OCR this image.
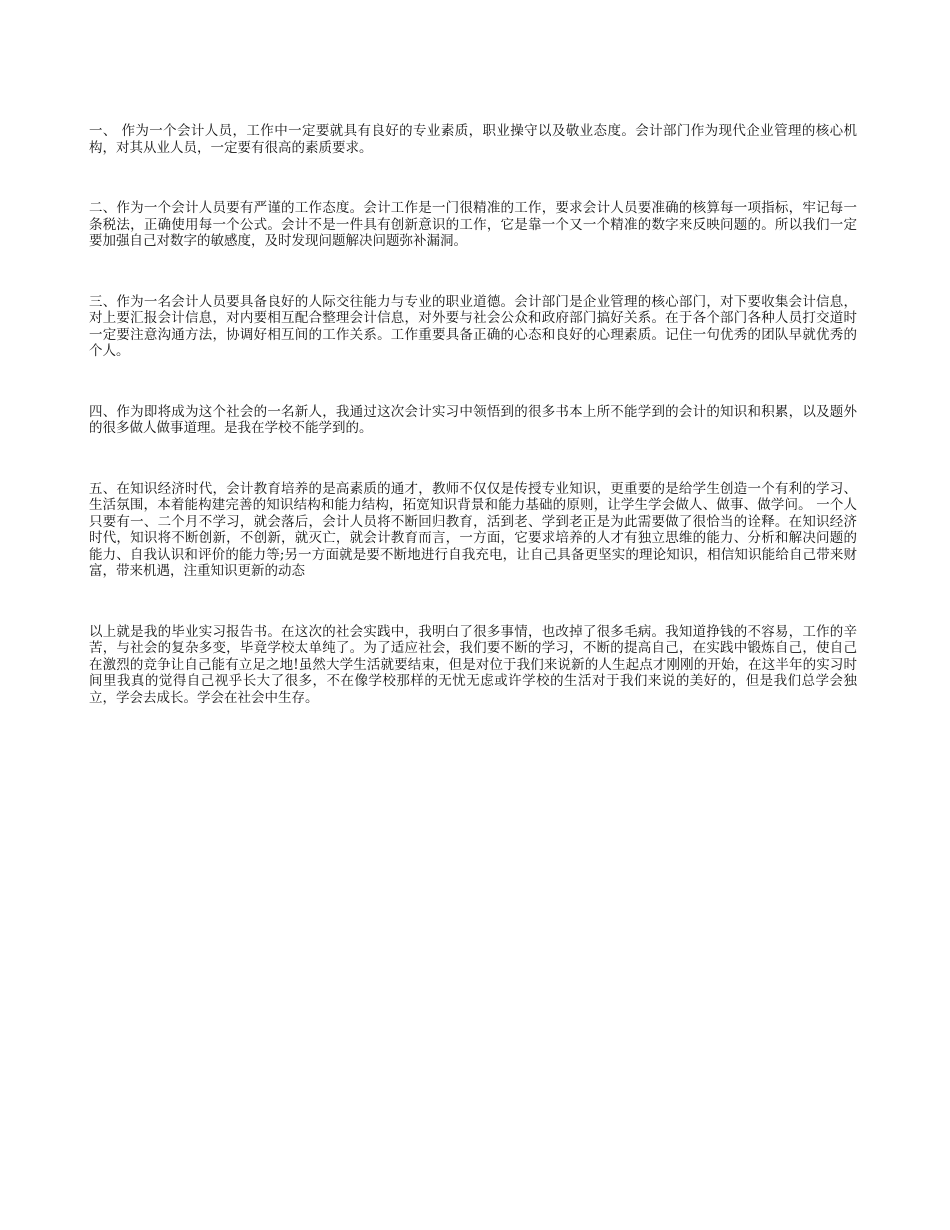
一、 作为一个会计人员，工作中一定要就具有良好的专业素质，职业操守以及敬业态度。会计部门作为现代企业管理的核心机构，对其从业人员，一定要有很高的素质要求。

二、作为一个会计人员要有严谨的工作态度。会计工作是一门很精准的工作，要求会计人员要准确的核算每一项指标，牢记每一条税法，正确使用每一个公式。会计不是一件具有创新意识的工作，它是靠一个又一个精准的数字来反映问题的。所以我们一定要加强自己对数字的敏感度，及时发现问题解决问题弥补漏洞。

三、作为一名会计人员要具备良好的人际交往能力与专业的职业道德。会计部门是企业管理的核心部门，对下要收集会计信息，对上要汇报会计信息，对内要相互配合整理会计信息，对外要与社会公众和政府部门搞好关系。在于各个部门各种人员打交道时一定要注意沟通方法，协调好相互间的工作关系。工作重要具备正确的心态和良好的心理素质。记住一句优秀的团队早就优秀的个人。

四、作为即将成为这个社会的一名新人，我通过这次会计实习中领悟到的很多书本上所不能学到的会计的知识和积累，以及题外的很多做人做事道理。是我在学校不能学到的。

五、在知识经济时代，会计教育培养的是高素质的通才，教师不仅仅是传授专业知识，更重要的是给学生创造一个有利的学习、生活氛围，本着能构建完善的知识结构和能力结构，拓宽知识背景和能力基础的原则，让学生学会做人、做事、做学问。 一个人只要有一、二个月不学习，就会落后，会计人员将不断回归教育，活到老、学到老正是为此需要做了很恰当的诠释。在知识经济时代，知识将不断创新，不创新，就灭亡，就会计教育而言，一方面，它要求培养的人才有独立思维的能力、分析和解决问题的能力、自我认识和评价的能力等;另一方面就是要不断地进行自我充电，让自己具备更坚实的理论知识，相信知识能给自己带来财富，带来机遇，注重知识更新的动态

以上就是我的毕业实习报告书。在这次的社会实践中，我明白了很多事情，也改掉了很多毛病。我知道挣钱的不容易，工作的辛苦，与社会的复杂多变，毕竟学校太单纯了。为了适应社会，我们要不断的学习，不断的提高自己，在实践中锻炼自己，使自己在激烈的竞争让自己能有立足之地!虽然大学生活就要结束，但是对位于我们来说新的人生起点才刚刚的开始，在这半年的实习时间里我真的觉得自己视乎长大了很多，不在像学校那样的无忧无虑或许学校的生活对于我们来说的美好的，但是我们总学会独立，学会去成长。学会在社会中生存。
